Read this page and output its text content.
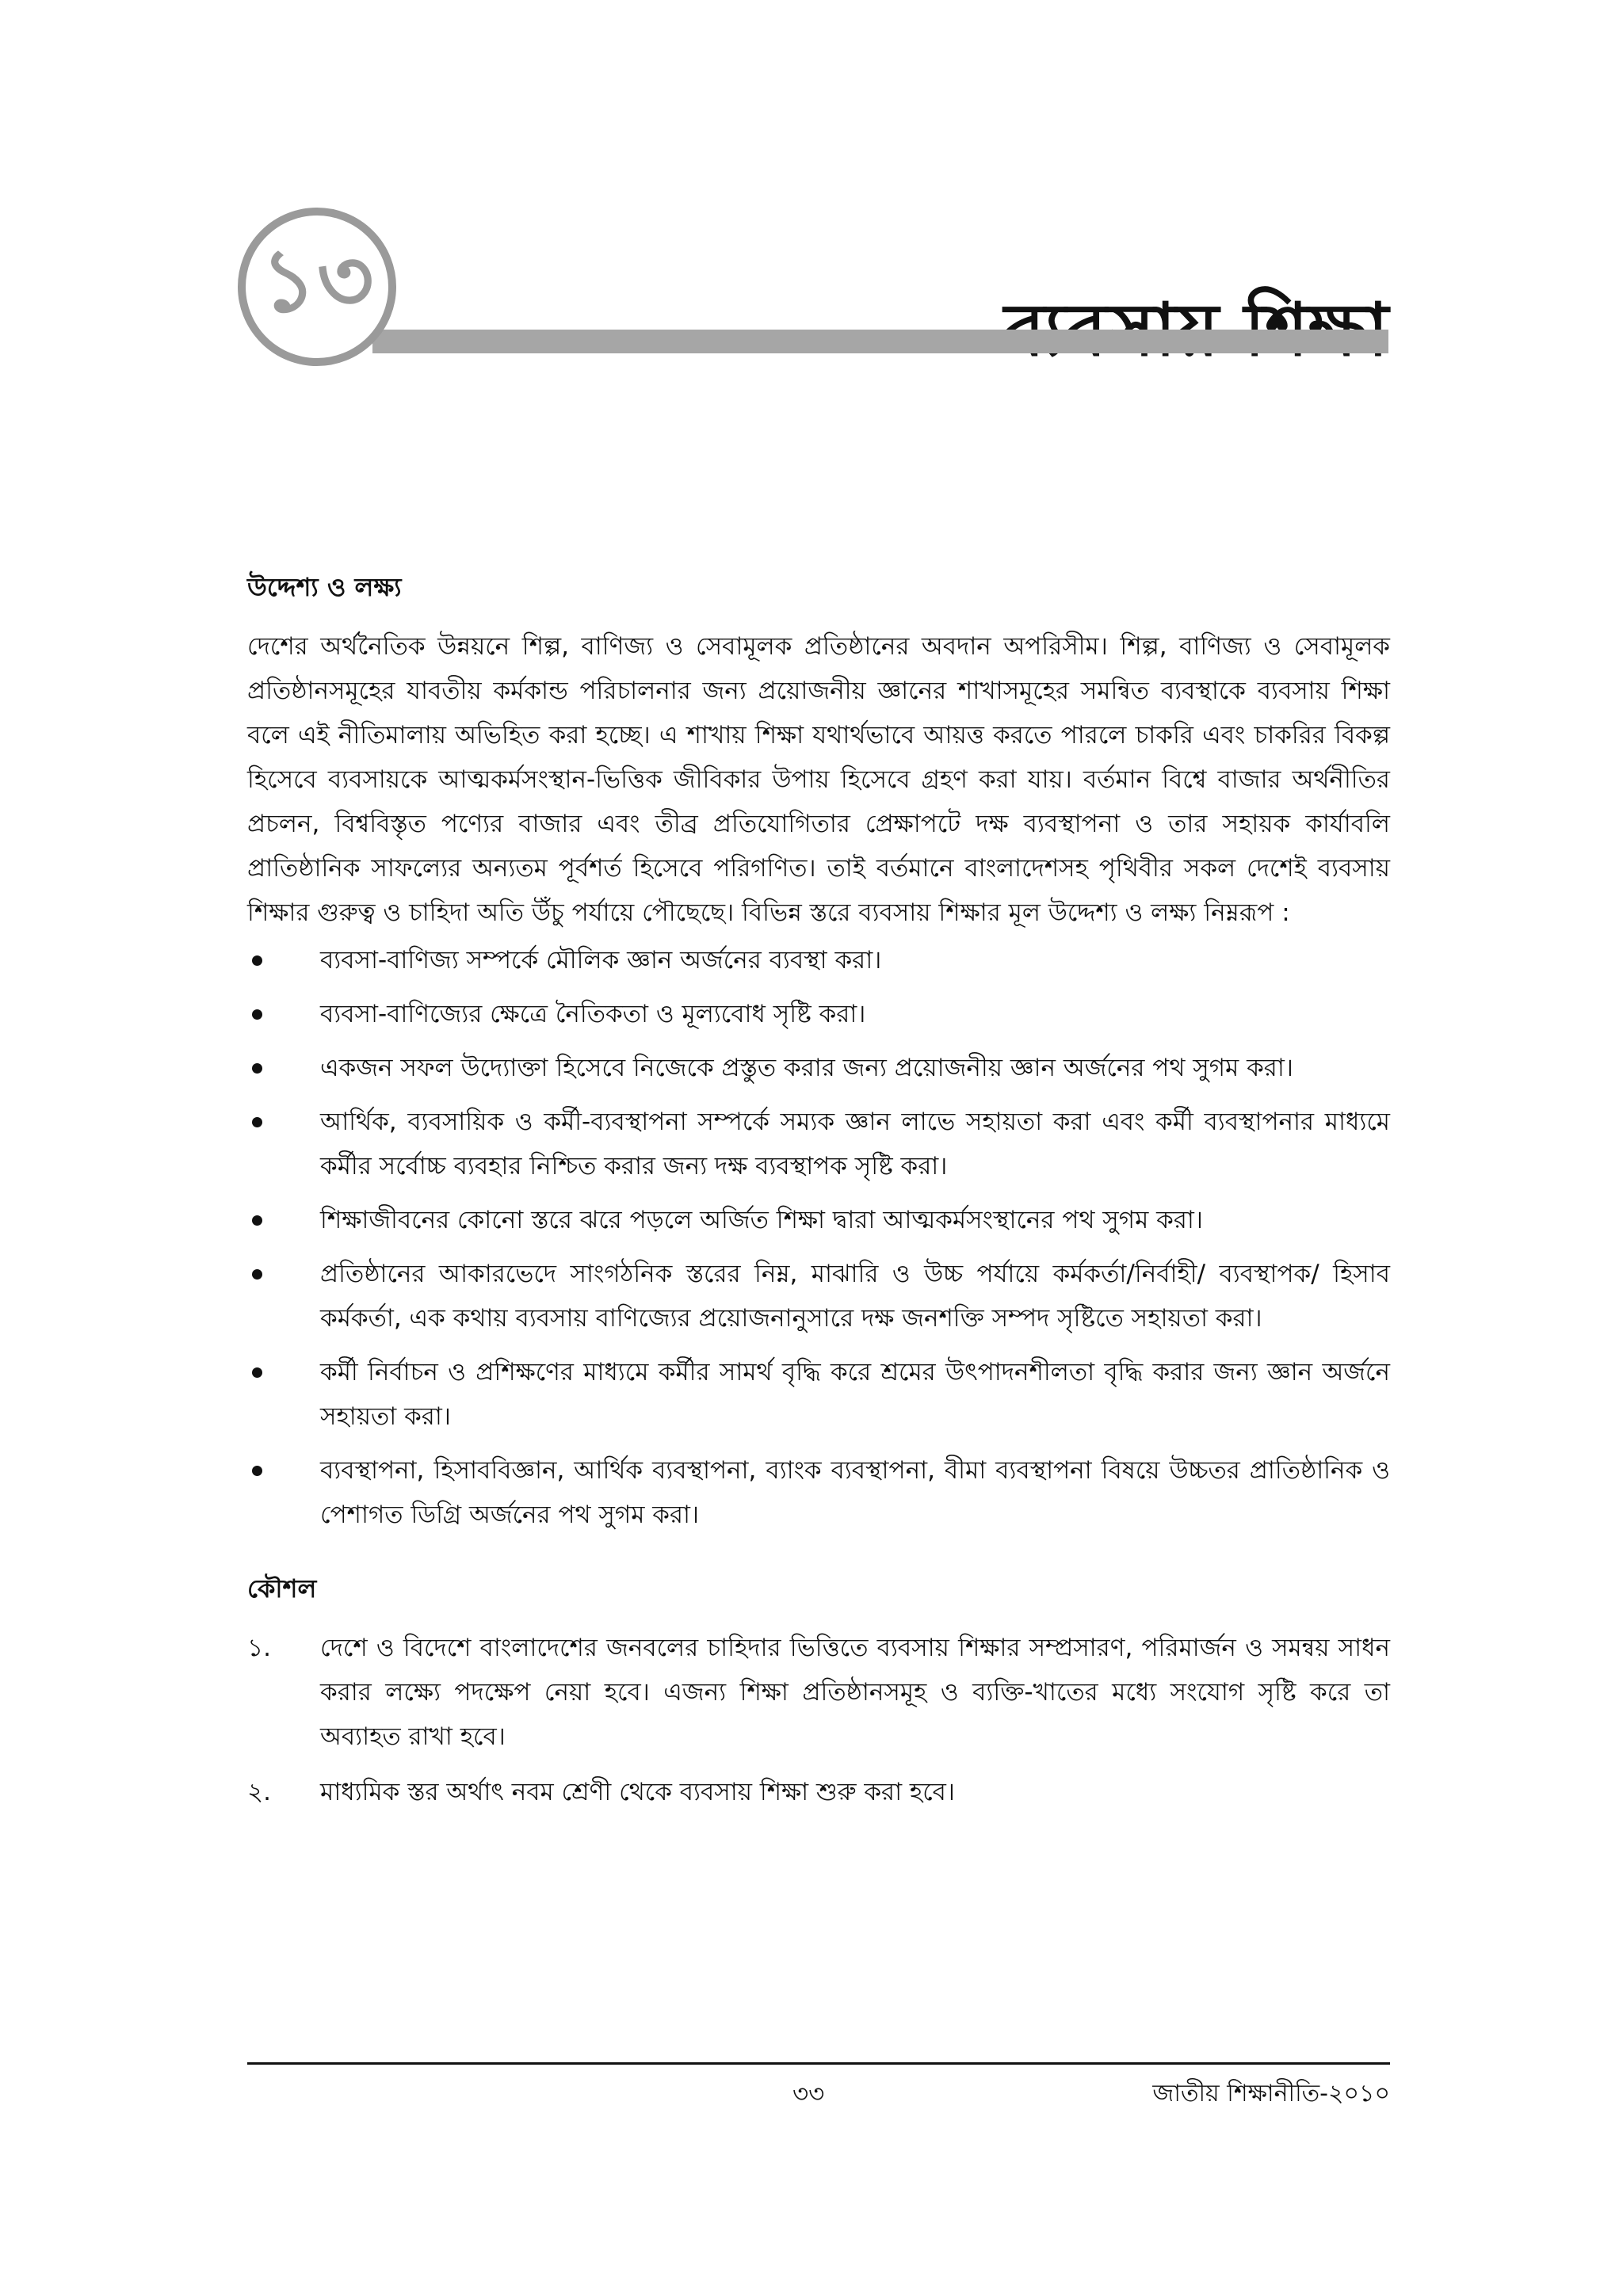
১৩
উদ্দেশ্য ও লক্ষ্য

দেশের অর্থনৈতিক উন্নয়নে শিল্প, বাণিজ্য ও সেবামূলক প্রতিষ্ঠানের অবদান অপরিসীম। শিল্প, বাণিজ্য ও সেবামূলক প্রতিষ্ঠানসমূহের যাবতীয় কর্মকান্ড পরিচালনার জন্য প্রয়োজনীয় জ্ঞানের শাখাসমূহের সমন্বিত ব্যবস্থাকে ব্যবসায় শিক্ষা বলে এই নীতিমালায় অভিহিত করা হচ্ছে। এ শাখায় শিক্ষা যথার্থভাবে আয়ত্ত করতে পারলে চাকরি এবং চাকরির বিকল্প হিসেবে ব্যবসায়কে আত্মকর্মসংস্থান-ভিত্তিক জীবিকার উপায় হিসেবে গ্রহণ করা যায়। বর্তমান বিশ্বে বাজার অর্থনীতির প্রচলন, বিশ্ববিস্তৃত পণ্যের বাজার এবং তীব্র প্রতিযোগিতার প্রেক্ষাপটে দক্ষ ব্যবস্থাপনা ও তার সহায়ক কার্যাবলি প্রাতিষ্ঠানিক সাফল্যের অন্যতম পূর্বশর্ত হিসেবে পরিগণিত। তাই বর্তমানে বাংলাদেশসহ পৃথিবীর সকল দেশেই ব্যবসায় শিক্ষার গুরুত্ব ও চাহিদা অতি উঁচু পর্যায়ে পৌছেছে। বিভিন্ন স্তরে ব্যবসায় শিক্ষার মূল উদ্দেশ্য ও লক্ষ্য নিম্নরূপ :

ব্যবসা-বাণিজ্য সম্পর্কে মৌলিক জ্ঞান অর্জনের ব্যবস্থা করা।
ব্যবসা-বাণিজ্যের ক্ষেত্রে নৈতিকতা ও মূল্যবোধ সৃষ্টি করা।
একজন সফল উদ্যোক্তা হিসেবে নিজেকে প্রস্তুত করার জন্য প্রয়োজনীয় জ্ঞান অর্জনের পথ সুগম করা।
আর্থিক, ব্যবসায়িক ও কর্মী-ব্যবস্থাপনা সম্পর্কে সম্যক জ্ঞান লাভে সহায়তা করা এবং কর্মী ব্যবস্থাপনার মাধ্যমে কর্মীর সর্বোচ্চ ব্যবহার নিশ্চিত করার জন্য দক্ষ ব্যবস্থাপক সৃষ্টি করা।
শিক্ষাজীবনের কোনো স্তরে ঝরে পড়লে অর্জিত শিক্ষা দ্বারা আত্মকর্মসংস্থানের পথ সুগম করা।
প্রতিষ্ঠানের আকারভেদে সাংগঠনিক স্তরের নিম্ন, মাঝারি ও উচ্চ পর্যায়ে কর্মকর্তা/নির্বাহী/ ব্যবস্থাপক/ হিসাব কর্মকর্তা, এক কথায় ব্যবসায় বাণিজ্যের প্রয়োজনানুসারে দক্ষ জনশক্তি সম্পদ সৃষ্টিতে সহায়তা করা।
কর্মী নির্বাচন ও প্রশিক্ষণের মাধ্যমে কর্মীর সামর্থ বৃদ্ধি করে শ্রমের উৎপাদনশীলতা বৃদ্ধি করার জন্য জ্ঞান অর্জনে সহায়তা করা।
ব্যবস্থাপনা, হিসাববিজ্ঞান, আর্থিক ব্যবস্থাপনা, ব্যাংক ব্যবস্থাপনা, বীমা ব্যবস্থাপনা বিষয়ে উচ্চতর প্রাতিষ্ঠানিক ও পেশাগত ডিগ্রি অর্জনের পথ সুগম করা।
কৌশল
১. দেশে ও বিদেশে বাংলাদেশের জনবলের চাহিদার ভিত্তিতে ব্যবসায় শিক্ষার সম্প্রসারণ, পরিমার্জন ও সমন্বয় সাধন করার লক্ষ্যে পদক্ষেপ নেয়া হবে। এজন্য শিক্ষা প্রতিষ্ঠানসমূহ ও ব্যক্তি-খাতের মধ্যে সংযোগ সৃষ্টি করে তা অব্যাহত রাখা হবে।
২. মাধ্যমিক স্তর অর্থাৎ নবম শ্রেণী থেকে ব্যবসায় শিক্ষা শুরু করা হবে।
৩৩	জাতীয় শিক্ষানীতি-২০১০
